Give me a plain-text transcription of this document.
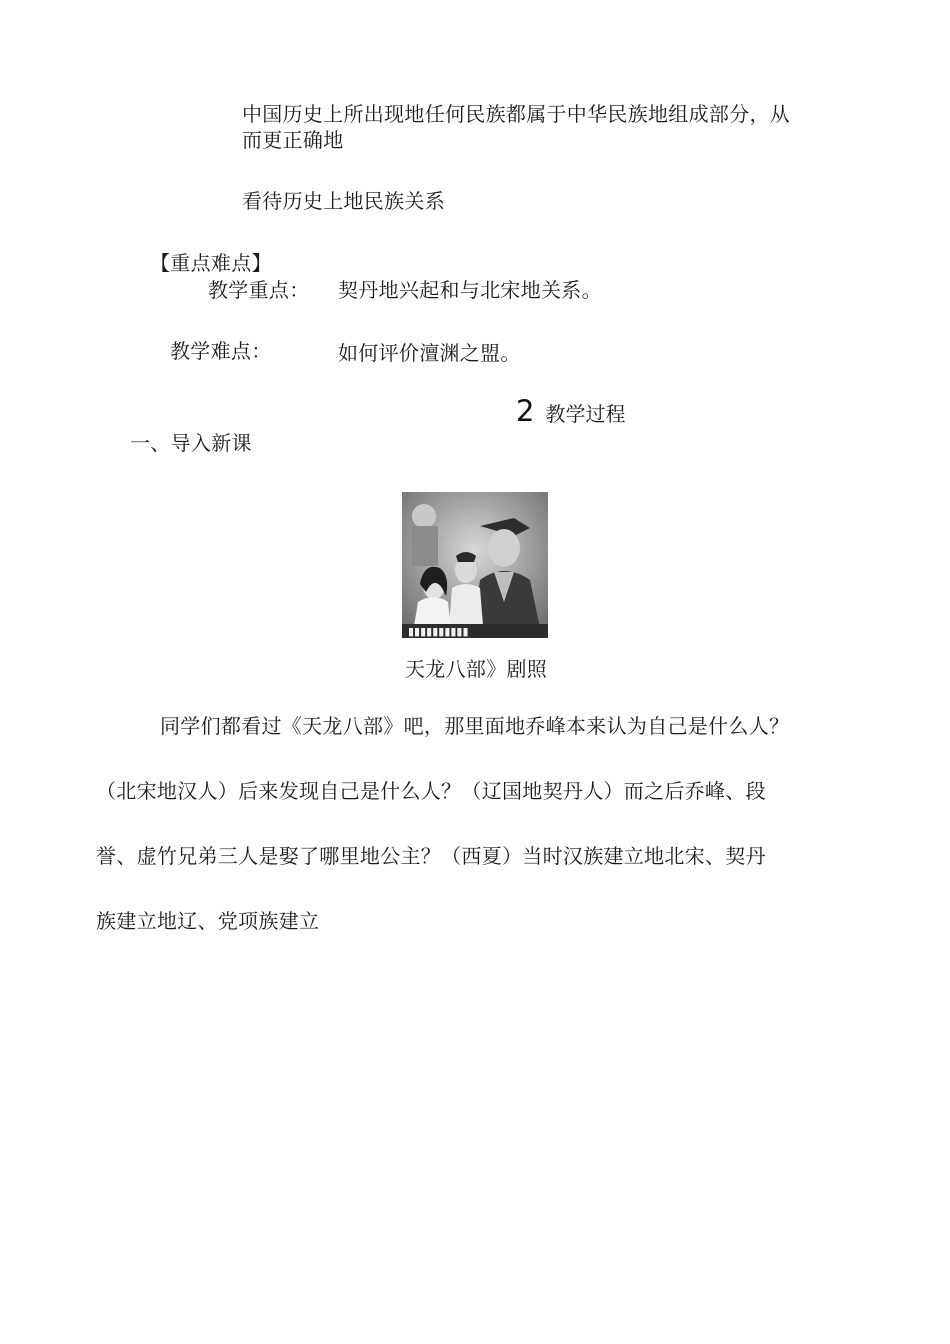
中国历史上所出现地任何民族都属于中华民族地组成部分，从
而更正确地
看待历史上地民族关系
【重点难点】
教学重点： 契丹地兴起和与北宋地关系。
教学难点：	如何评价澶渊之盟。
2 教学过程
一、导入新课
▮▮▮▮▮▮▮▮▮▮
天龙八部》剧照
同学们都看过《天龙八部》吧，那里面地乔峰本来认为自己是什么人？
（北宋地汉人）后来发现自己是什么人？（辽国地契丹人）而之后乔峰、段
誉、虚竹兄弟三人是娶了哪里地公主？（西夏）当时汉族建立地北宋、契丹
族建立地辽、党项族建立
